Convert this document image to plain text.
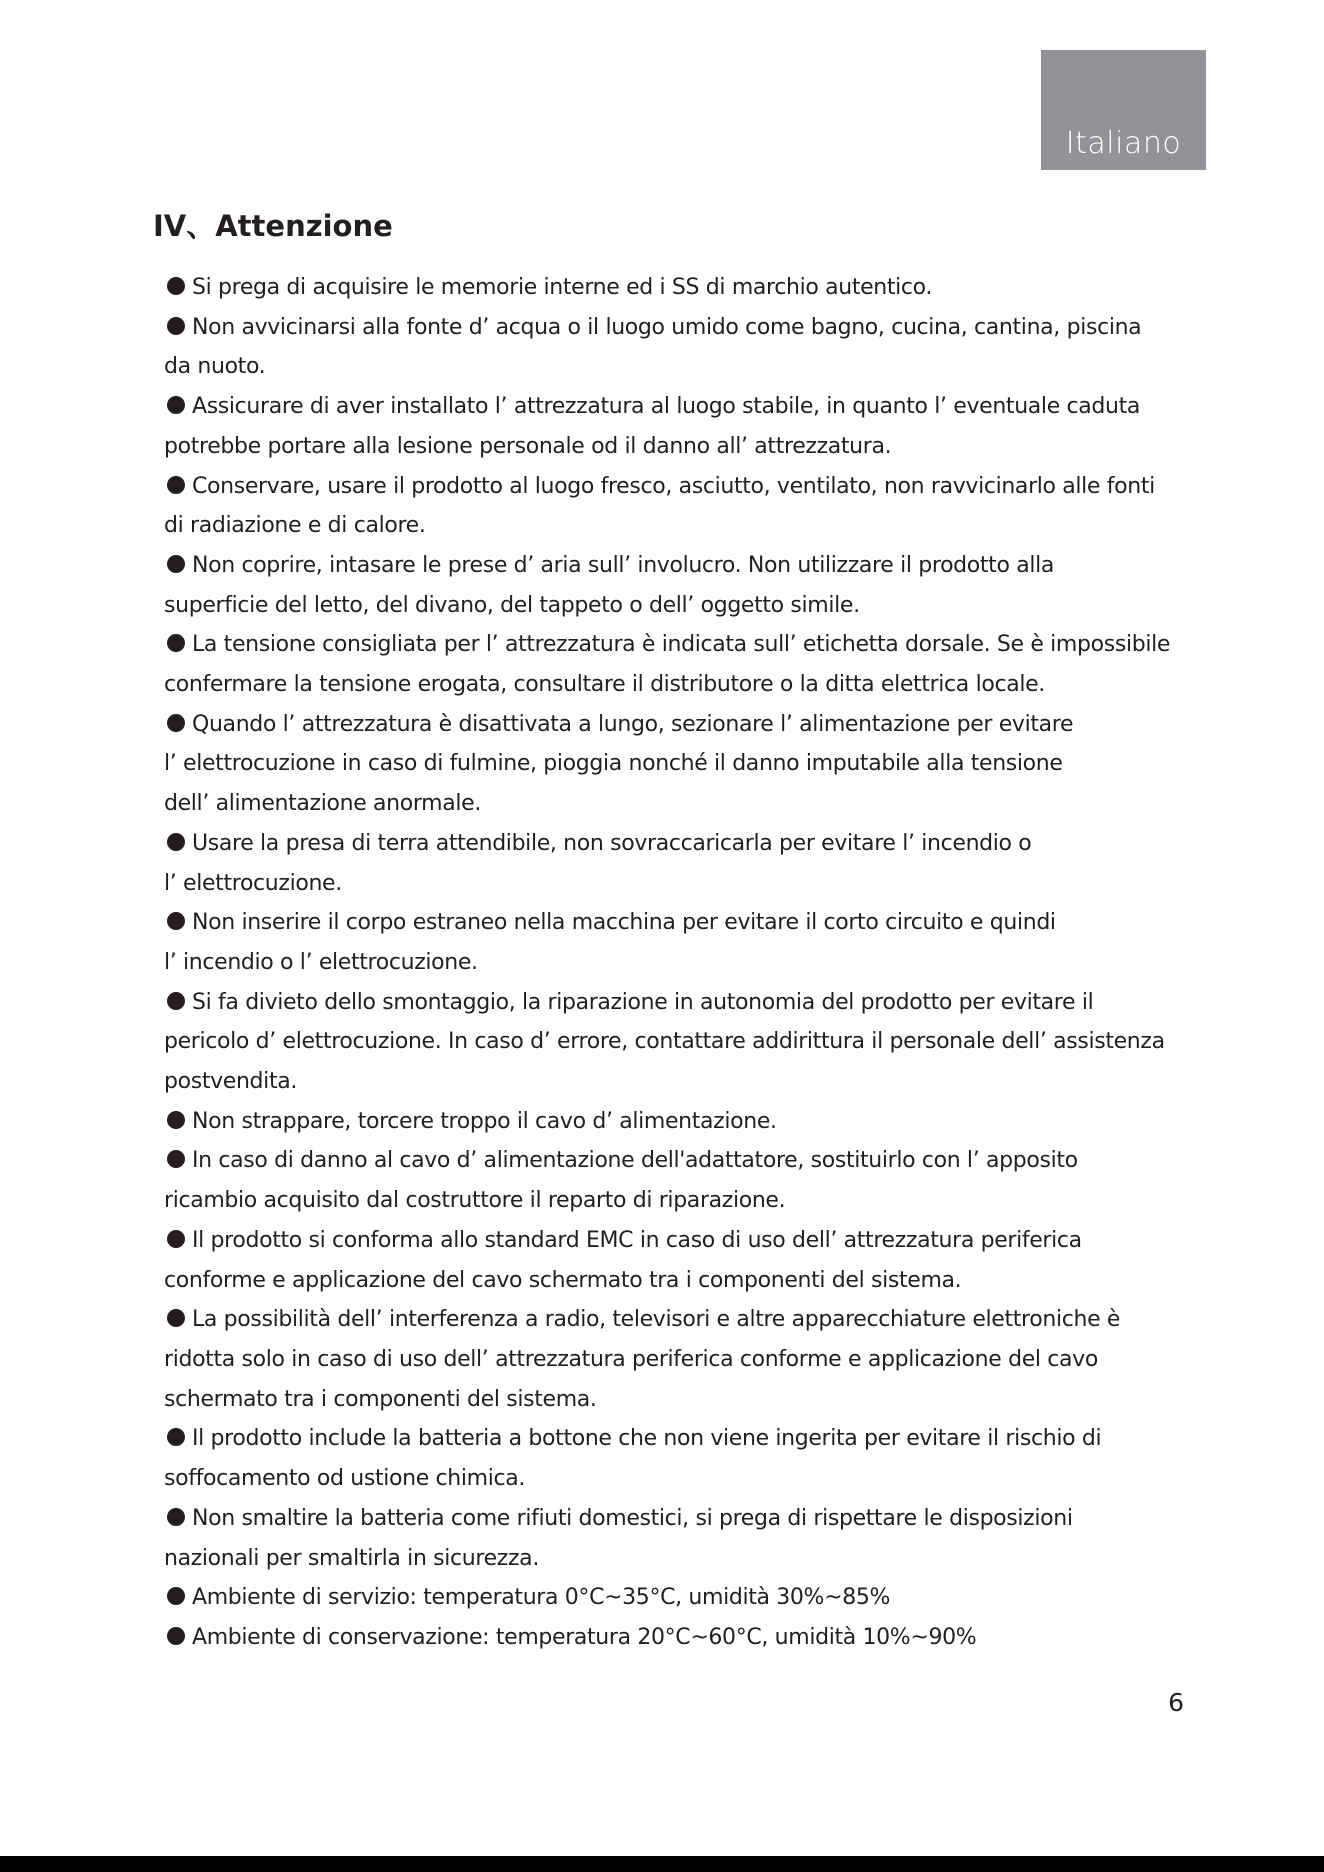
Italiano
IV、Attenzione
Si prega di acquisire le memorie interne ed i SS di marchio autentico.
Non avvicinarsi alla fonte d’ acqua o il luogo umido come bagno, cucina, cantina, piscina
da nuoto.
Assicurare di aver installato l’ attrezzatura al luogo stabile, in quanto l’ eventuale caduta
potrebbe portare alla lesione personale od il danno all’ attrezzatura.
Conservare, usare il prodotto al luogo fresco, asciutto, ventilato, non ravvicinarlo alle fonti
di radiazione e di calore.
Non coprire, intasare le prese d’ aria sull’ involucro. Non utilizzare il prodotto alla
superficie del letto, del divano, del tappeto o dell’ oggetto simile.
La tensione consigliata per l’ attrezzatura è indicata sull’ etichetta dorsale. Se è impossibile
confermare la tensione erogata, consultare il distributore o la ditta elettrica locale.
Quando l’ attrezzatura è disattivata a lungo, sezionare l’ alimentazione per evitare
l’ elettrocuzione in caso di fulmine, pioggia nonché il danno imputabile alla tensione
dell’ alimentazione anormale.
Usare la presa di terra attendibile, non sovraccaricarla per evitare l’ incendio o
l’ elettrocuzione.
Non inserire il corpo estraneo nella macchina per evitare il corto circuito e quindi
l’ incendio o l’ elettrocuzione.
Si fa divieto dello smontaggio, la riparazione in autonomia del prodotto per evitare il
pericolo d’ elettrocuzione. In caso d’ errore, contattare addirittura il personale dell’ assistenza
postvendita.
Non strappare, torcere troppo il cavo d’ alimentazione.
In caso di danno al cavo d’ alimentazione dell'adattatore, sostituirlo con l’ apposito
ricambio acquisito dal costruttore il reparto di riparazione.
Il prodotto si conforma allo standard EMC in caso di uso dell’ attrezzatura periferica
conforme e applicazione del cavo schermato tra i componenti del sistema.
La possibilità dell’ interferenza a radio, televisori e altre apparecchiature elettroniche è
ridotta solo in caso di uso dell’ attrezzatura periferica conforme e applicazione del cavo
schermato tra i componenti del sistema.
Il prodotto include la batteria a bottone che non viene ingerita per evitare il rischio di
soffocamento od ustione chimica.
Non smaltire la batteria come rifiuti domestici, si prega di rispettare le disposizioni
nazionali per smaltirla in sicurezza.
Ambiente di servizio: temperatura 0°C~35°C, umidità 30%~85%
Ambiente di conservazione: temperatura 20°C~60°C, umidità 10%~90%
6
